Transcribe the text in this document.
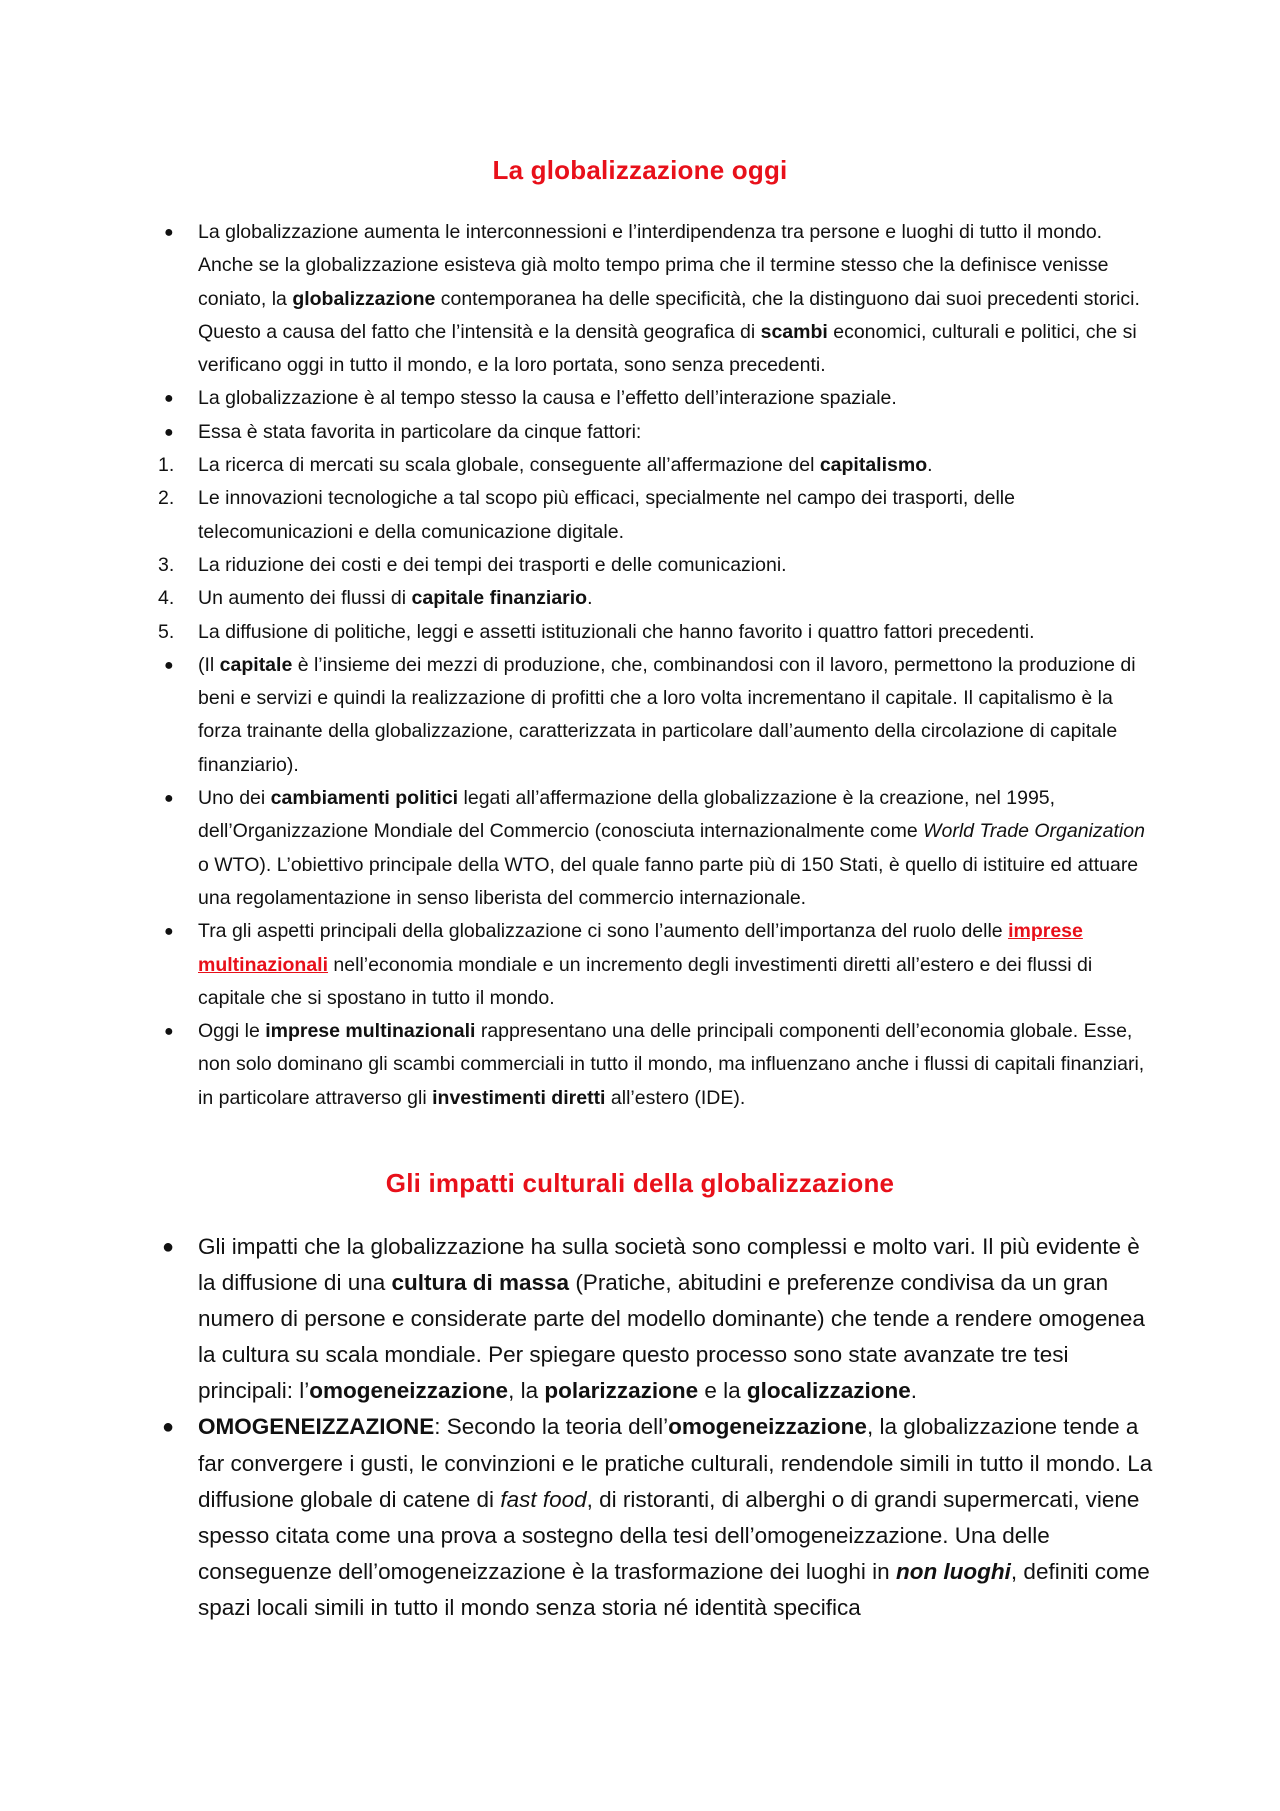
La globalizzazione oggi
●	La globalizzazione aumenta le interconnessioni e l’interdipendenza tra persone e luoghi di tutto il mondo. Anche se la globalizzazione esisteva già molto tempo prima che il termine stesso che la definisce venisse coniato, la globalizzazione contemporanea ha delle specificità, che la distinguono dai suoi precedenti storici. Questo a causa del fatto che l’intensità e la densità geografica di scambi economici, culturali e politici, che si verificano oggi in tutto il mondo, e la loro portata, sono senza precedenti.
●	La globalizzazione è al tempo stesso la causa e l’effetto dell’interazione spaziale.
●	Essa è stata favorita in particolare da cinque fattori:
1.	La ricerca di mercati su scala globale, conseguente all’affermazione del capitalismo.
2.	Le innovazioni tecnologiche a tal scopo più efficaci, specialmente nel campo dei trasporti, delle telecomunicazioni e della comunicazione digitale.
3.	La riduzione dei costi e dei tempi dei trasporti e delle comunicazioni.
4.	Un aumento dei flussi di capitale finanziario.
5.	La diffusione di politiche, leggi e assetti istituzionali che hanno favorito i quattro fattori precedenti.
●	(Il capitale è l’insieme dei mezzi di produzione, che, combinandosi con il lavoro, permettono la produzione di beni e servizi e quindi la realizzazione di profitti che a loro volta incrementano il capitale. Il capitalismo è la forza trainante della globalizzazione, caratterizzata in particolare dall’aumento della circolazione di capitale finanziario).
●	Uno dei cambiamenti politici legati all’affermazione della globalizzazione è la creazione, nel 1995, dell’Organizzazione Mondiale del Commercio (conosciuta internazionalmente come World Trade Organization o WTO). L’obiettivo principale della WTO, del quale fanno parte più di 150 Stati, è quello di istituire ed attuare una regolamentazione in senso liberista del commercio internazionale.
●	Tra gli aspetti principali della globalizzazione ci sono l’aumento dell’importanza del ruolo delle imprese multinazionali nell’economia mondiale e un incremento degli investimenti diretti all’estero e dei flussi di capitale che si spostano in tutto il mondo.
●	Oggi le imprese multinazionali rappresentano una delle principali componenti dell’economia globale. Esse, non solo dominano gli scambi commerciali in tutto il mondo, ma influenzano anche i flussi di capitali finanziari, in particolare attraverso gli investimenti diretti all’estero (IDE).
Gli impatti culturali della globalizzazione
●	Gli impatti che la globalizzazione ha sulla società sono complessi e molto vari. Il più evidente è la diffusione di una cultura di massa (Pratiche, abitudini e preferenze condivisa da un gran numero di persone e considerate parte del modello dominante) che tende a rendere omogenea la cultura su scala mondiale. Per spiegare questo processo sono state avanzate tre tesi principali: l’omogeneizzazione, la polarizzazione e la glocalizzazione.
●	OMOGENEIZZAZIONE: Secondo la teoria dell’omogeneizzazione, la globalizzazione tende a far convergere i gusti, le convinzioni e le pratiche culturali, rendendole simili in tutto il mondo. La diffusione globale di catene di fast food, di ristoranti, di alberghi o di grandi supermercati, viene spesso citata come una prova a sostegno della tesi dell’omogeneizzazione. Una delle conseguenze dell’omogeneizzazione è la trasformazione dei luoghi in non luoghi, definiti come spazi locali simili in tutto il mondo senza storia né identità specifica
